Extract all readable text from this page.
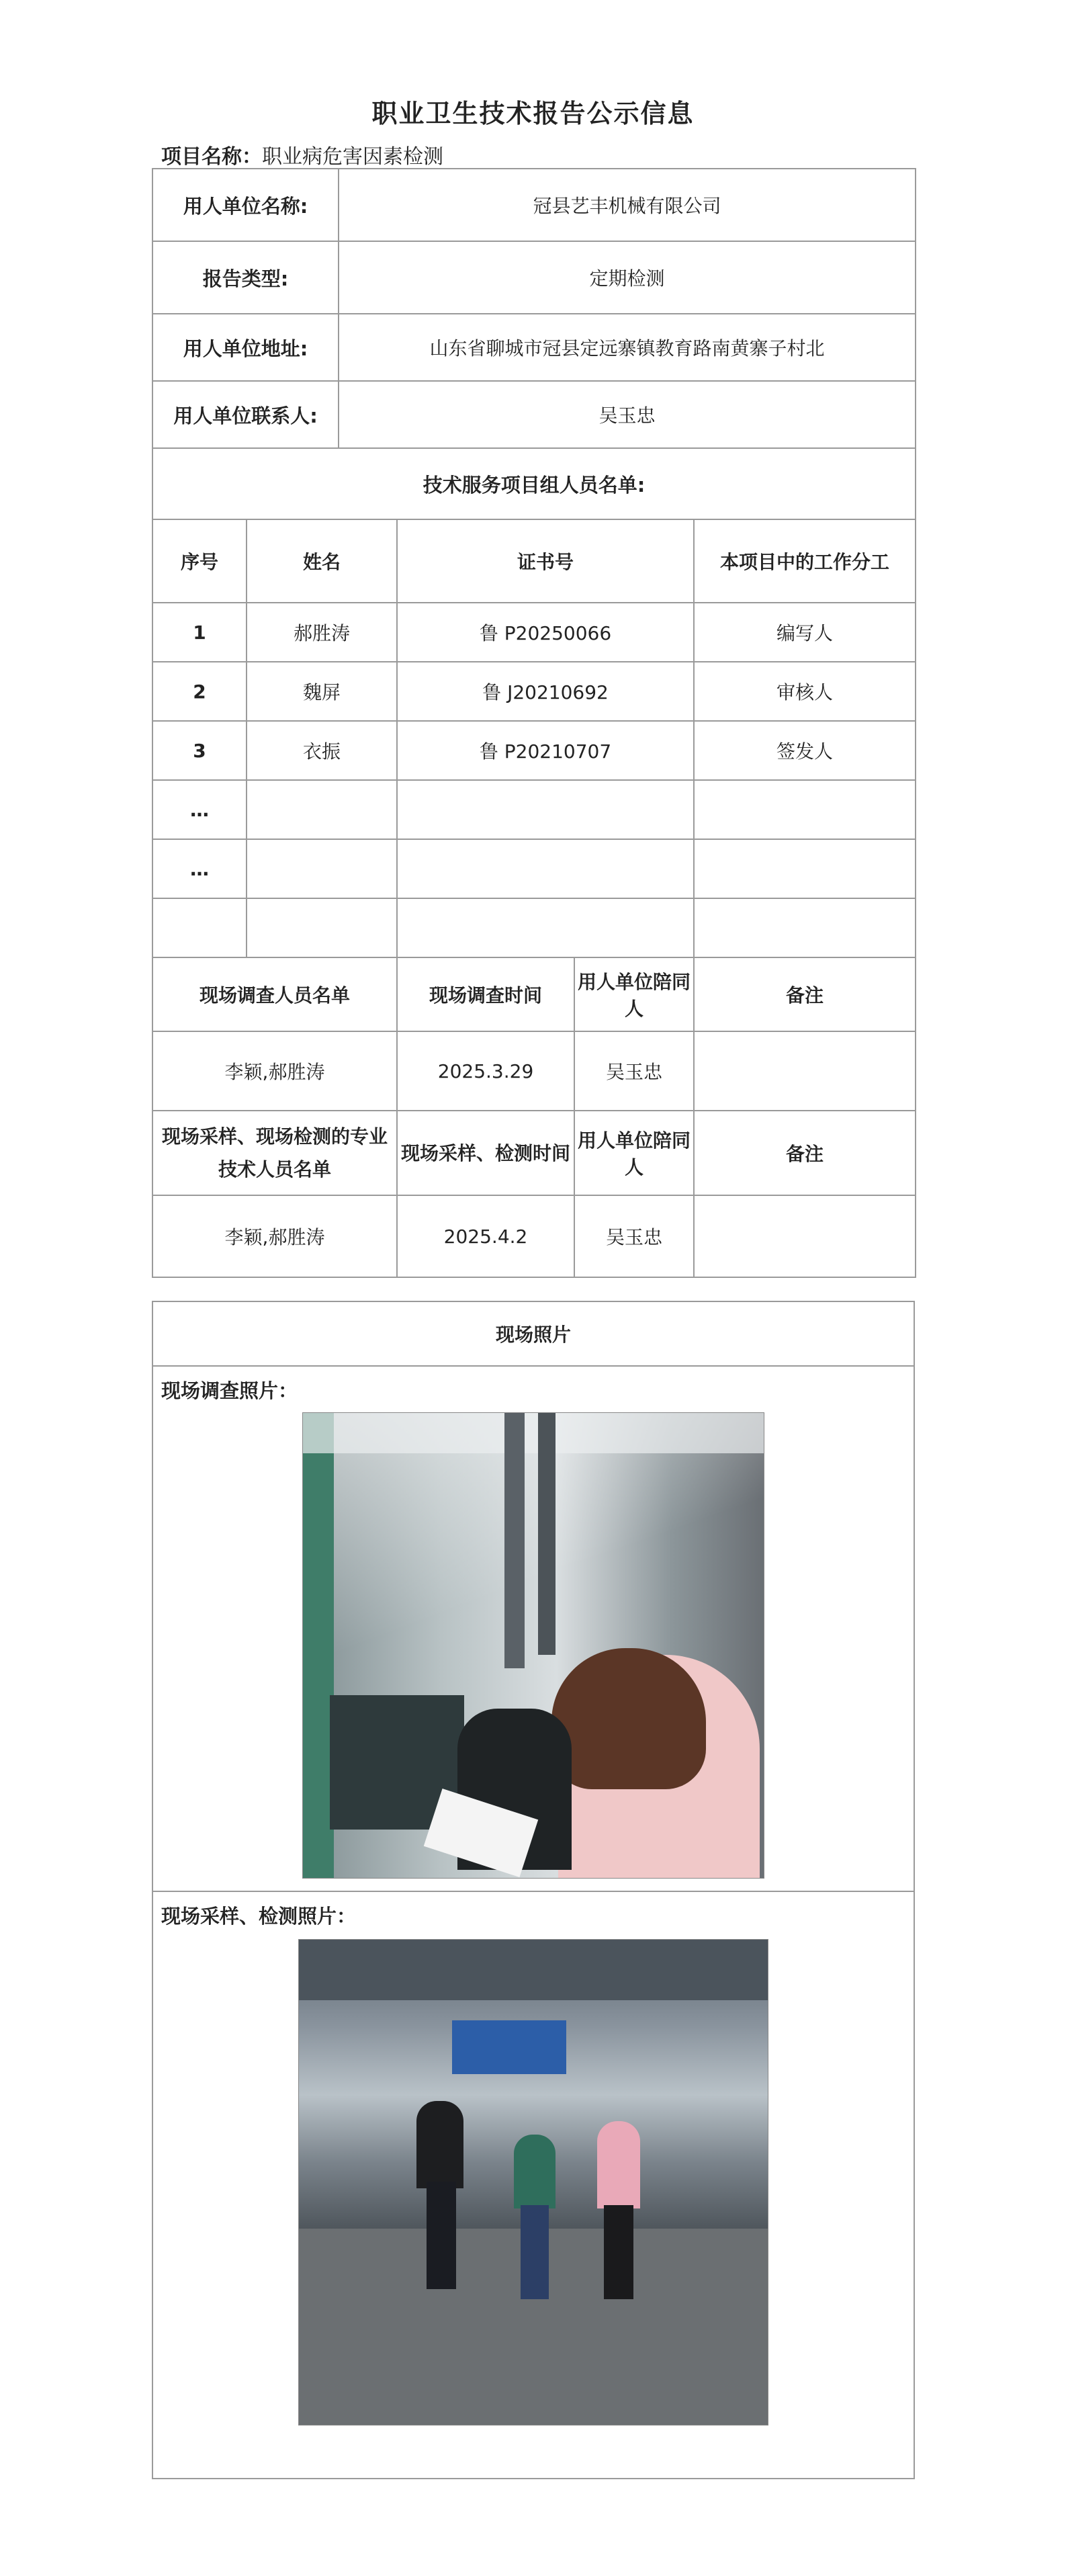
职业卫生技术报告公示信息
项目名称：职业病危害因素检测
用人单位名称:		冠县艺丰机械有限公司			
报告类型:		定期检测			
用人单位地址:		山东省聊城市冠县定远寨镇教育路南黄寨子村北			
用人单位联系人:		吴玉忠			
技术服务项目组人员名单:					
序号	姓名		证书号		本项目中的工作分工
1	郝胜涛		鲁 P20250066		编写人
2	魏屏		鲁 J20210692		审核人
3	衣振		鲁 P20210707		签发人
…					
…					

现场调查人员名单			现场调查时间	用人单位陪同人	备注
李颖,郝胜涛			2025.3.29	吴玉忠	
现场采样、现场检测的专业技术人员名单			现场采样、检测时间	用人单位陪同人	备注
李颖,郝胜涛			2025.4.2	吴玉忠	
现场照片
现场调查照片：
现场采样、检测照片：
